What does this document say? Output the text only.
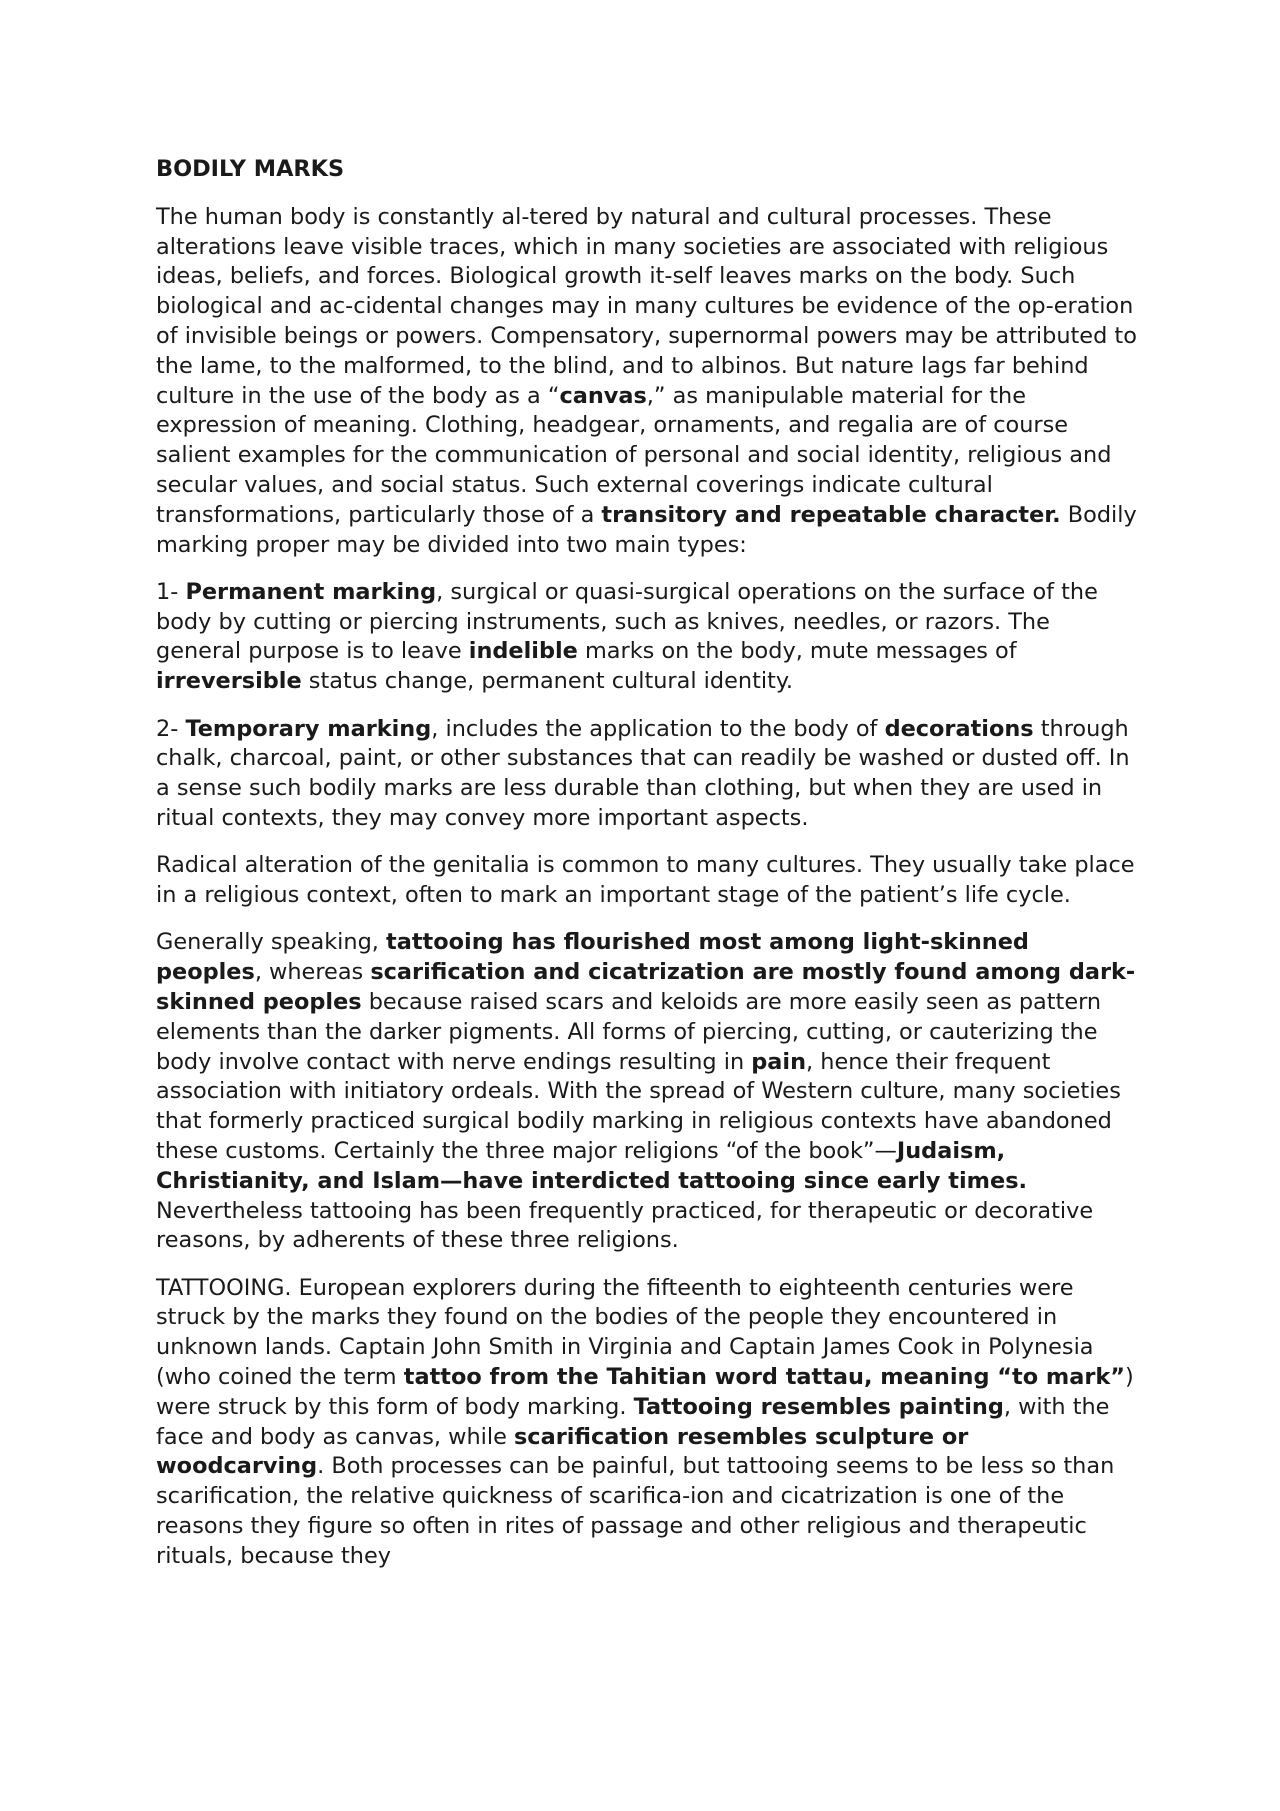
BODILY MARKS

The human body is constantly al-tered by natural and cultural processes. These alterations leave visible traces, which in many societies are associated with religious ideas, beliefs, and forces. Biological growth it-self leaves marks on the body. Such biological and ac-cidental changes may in many cultures be evidence of the op-eration of invisible beings or powers. Compensatory, supernormal powers may be attributed to the lame, to the malformed, to the blind, and to albinos. But nature lags far behind culture in the use of the body as a “canvas,” as manipulable material for the expression of meaning. Clothing, headgear, ornaments, and regalia are of course salient examples for the communication of personal and social identity, religious and secular values, and social status. Such external coverings indicate cultural transformations, particularly those of a transitory and repeatable character. Bodily marking proper may be divided into two main types:

1- Permanent marking, surgical or quasi-surgical operations on the surface of the body by cutting or piercing instruments, such as knives, needles, or razors. The general purpose is to leave indelible marks on the body, mute messages of irreversible status change, permanent cultural identity.

2- Temporary marking, includes the application to the body of decorations through chalk, charcoal, paint, or other substances that can readily be washed or dusted off. In a sense such bodily marks are less durable than clothing, but when they are used in ritual contexts, they may convey more important aspects.

Radical alteration of the genitalia is common to many cultures. They usually take place in a religious context, often to mark an important stage of the patient’s life cycle.

Generally speaking, tattooing has flourished most among light-skinned peoples, whereas scarification and cicatrization are mostly found among dark-skinned peoples because raised scars and keloids are more easily seen as pattern elements than the darker pigments. All forms of piercing, cutting, or cauterizing the body involve contact with nerve endings resulting in pain, hence their frequent association with initiatory ordeals. With the spread of Western culture, many societies that formerly practiced surgical bodily marking in religious contexts have abandoned these customs. Certainly the three major religions “of the book”—Judaism, Christianity, and Islam—have interdicted tattooing since early times. Nevertheless tattooing has been frequently practiced, for therapeutic or decorative reasons, by adherents of these three religions.

TATTOOING. European explorers during the fifteenth to eighteenth centuries were struck by the marks they found on the bodies of the people they encountered in unknown lands. Captain John Smith in Virginia and Captain James Cook in Polynesia (who coined the term tattoo from the Tahitian word tattau, meaning “to mark”) were struck by this form of body marking. Tattooing resembles painting, with the face and body as canvas, while scarification resembles sculpture or woodcarving. Both processes can be painful, but tattooing seems to be less so than scarification, the relative quickness of scarifica-ion and cicatrization is one of the reasons they figure so often in rites of passage and other religious and therapeutic rituals, because they
